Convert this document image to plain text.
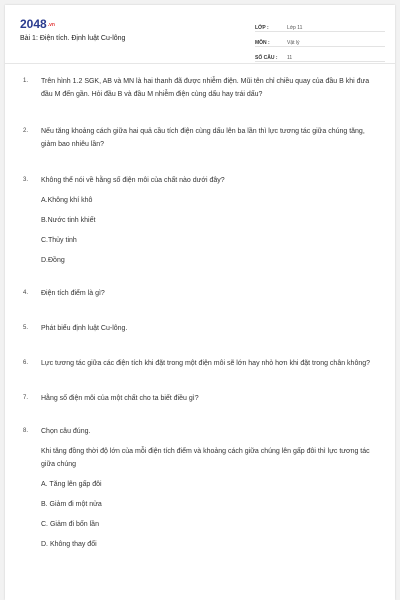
2048.vn
Bài 1: Điện tích. Định luật Cu-lông
LỚP :	Lớp 11
MÔN :	Vật lý
SỐ CÂU :	11
1. Trên hình 1.2 SGK, AB và MN là hai thanh đã được nhiễm điện. Mũi tên chỉ chiều quay của đầu B khi đưa đầu M đến gần. Hỏi đầu B và đầu M nhiễm điện cùng dấu hay trái dấu?
2. Nếu tăng khoảng cách giữa hai quả cầu tích điện cùng dấu lên ba lần thì lực tương tác giữa chúng tăng, giảm bao nhiêu lần?
3. Không thể nói về hằng số điện môi của chất nào dưới đây?
A.Không khí khô
B.Nước tinh khiết
C.Thủy tinh
D.Đồng
4. Điện tích điểm là gì?
5. Phát biểu định luật Cu-lông.
6. Lực tương tác giữa các điện tích khi đặt trong một điện môi sẽ lớn hay nhỏ hơn khi đặt trong chân không?
7. Hằng số điện môi của một chất cho ta biết điều gì?
8. Chọn câu đúng.
Khi tăng đồng thời độ lớn của mỗi điện tích điểm và khoảng cách giữa chúng lên gấp đôi thì lực tương tác giữa chúng
A. Tăng lên gấp đôi
B. Giảm đi một nửa
C. Giảm đi bốn lần
D. Không thay đổi
